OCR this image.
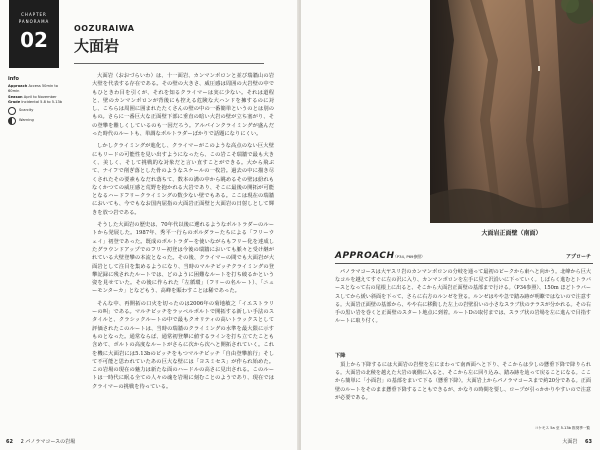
CHAPTER
PANORAMA
02	OOZURAIWA
大面岩
info
Approach Access 50min to 60min
Season April to November
Grade Incidental 5.8 to 5.13b
Scarcity
Warning

大面岩（おおづらいわ）は、十一面岩、カンマンボロンと並び瑞牆山の岩大壁を代表する存在である。その壁の大きさ、威圧感は周囲の大岩壁の中でもひときわ目を引くが、それを知るクライマーは実に少ない。それは道程と、壁のカンマンボロンが背後にも控える危険な大ハンドを擁するのに対し、こちらは周囲に囲まれたたくさんの壁の中の一番簡単というのとは別のもの。さらに一番巨大な正面壁下部に垂直の暗い大岩の壁が立ち塞がり、その登攀を難しくしているのも一因だろう。アルパインクライミングが盛んだった時代のルートも、単調なボルトラダーばかりで話題になりにくい。

しかしクライミングが進化し、クライマーがこのような高点のない巨大壁にもリードの可能性を見い出すようになったら、この岩こそ瑞牆で最も大きく、美しく、そして挑戦的な対象だと言い直すことができる。大から飛ぶて、ナイフで削ぎ落とした骨のようなスケールの一枚岩。過去の中に描き尽くされたその要素もなだれ落ちて、数本の溝の中から眺めるその壁は紛れもなくかつての威圧感と荒野を抱かれる大岩であり、そこに最後の開拓が可能となるハードフリークライミングの数少ない壁でもある。ここは現在の瑞牆においても、今でもなお国内屈指の大面岩正面壁と大面岩の日射しとして輝きを放つ岩である。

そうした大面岩の歴史は、70年代以後に遡れるようなボルトラダーのルートから発展した。1987年、秀平一行らのボルダラーたちによる「フリーウェイ」初登であった。既成のボルトラダーを使いながらもフリー化を達成したグラウンドアップでのフリー初登は今後の瑞牆においても脈々と受け継がれている大壁登攀の本流となった。その後、クライマーの間でも大面岩が大面岩として注目を集めるようになり、当時のマルチピッチクライミングの登攀記録に残されたルートでは、どのように困難なルートを打ち破るかという姿を見せていた。その後に作られた「左循環」（フリーの名ルート）、「ニューモンターカ」となどもう、高峰を賑わすことは稀であった。

そんな中、再開拓の口火を切ったのは2006年の菊地敏之「イエストラリーの叫」である。マルチピッチをラッペルボルトで開拓する新しい手法のスタイルと、クラシックルートの中で最もクオリティの高いトラックスとして評価されたこのルートは、当時の瑞牆のクライミングの水準を最大限に示すものとなった。通常ならば、通常初登攀に値するラインを打ち立てたことも含めて、ボルトの高度なルートがさらに次から次へと開拓されていく。これを機に大面岩には5.13bのピッチをもつマルチピッチ「自由登攀旅行」そして不可能と思われていたあの巨大な壁には「ヨスミセス」が作られ始めた。この岩場の現在の魅力は新たな面のハードルの高さに見出される。このルートは一時代に眠る全ての人々の魂を岩場に刻むことのようであり、現在ではクライマーの挑戦を待っている。

62 2 パノラマコースの岩場
大面岩正面壁（南面）
APPROACH
（P34, P69参照）	アプローチ

パノラマコースは大ヤスリ岩のカンマンボロンの分岐を通って最初のピークから東へと向かう。北峰から巨大なコルを越えてすぐに左の沢に入り、カンマンボロンを左手に見て沢沿いに下っていく。しばらく進むとトラバースとなって右の尾根上に出ると、そこから大面岩正面壁の基部まで行ける。（P34参照）、150m ほどトラバースしてから緩い斜面を下って、さらに右方のルンゼを登る。ルンゼはやや急で踏み跡が明瞭ではないので注意する。大面岩正面壁の基部から、やや右に移動した左上の岩壁沿いの小さなスラブ状のテラスが分かれる。その右手の黒い岩を巻くと正面壁のスタート地点に到着。ルートDの取付までは、スラブ状の岩場を左に進んで目指すルートに取り付く。

下降

頂上から下降するには大面岩の岩壁を左にまわって南西面へと下り、そこからは少しの懸垂下降で降りられる。大面岩の北稜を越えた大岩の裏側に入ると、そこから左に回り込み、踏み跡を辿って戻ることになる。ここから簡単に「小面岩」の基部をまいて下る（懸垂下降）。大面岩上からパノラマコースまで約20分である。正面壁のルートをそのまま懸垂下降することもできるが、かなりの時間を要し、ロープが引っかかりやすいので注意が必要である。

コケモス 5a 至 5.13b 推奨季一覧
大面岩 63
